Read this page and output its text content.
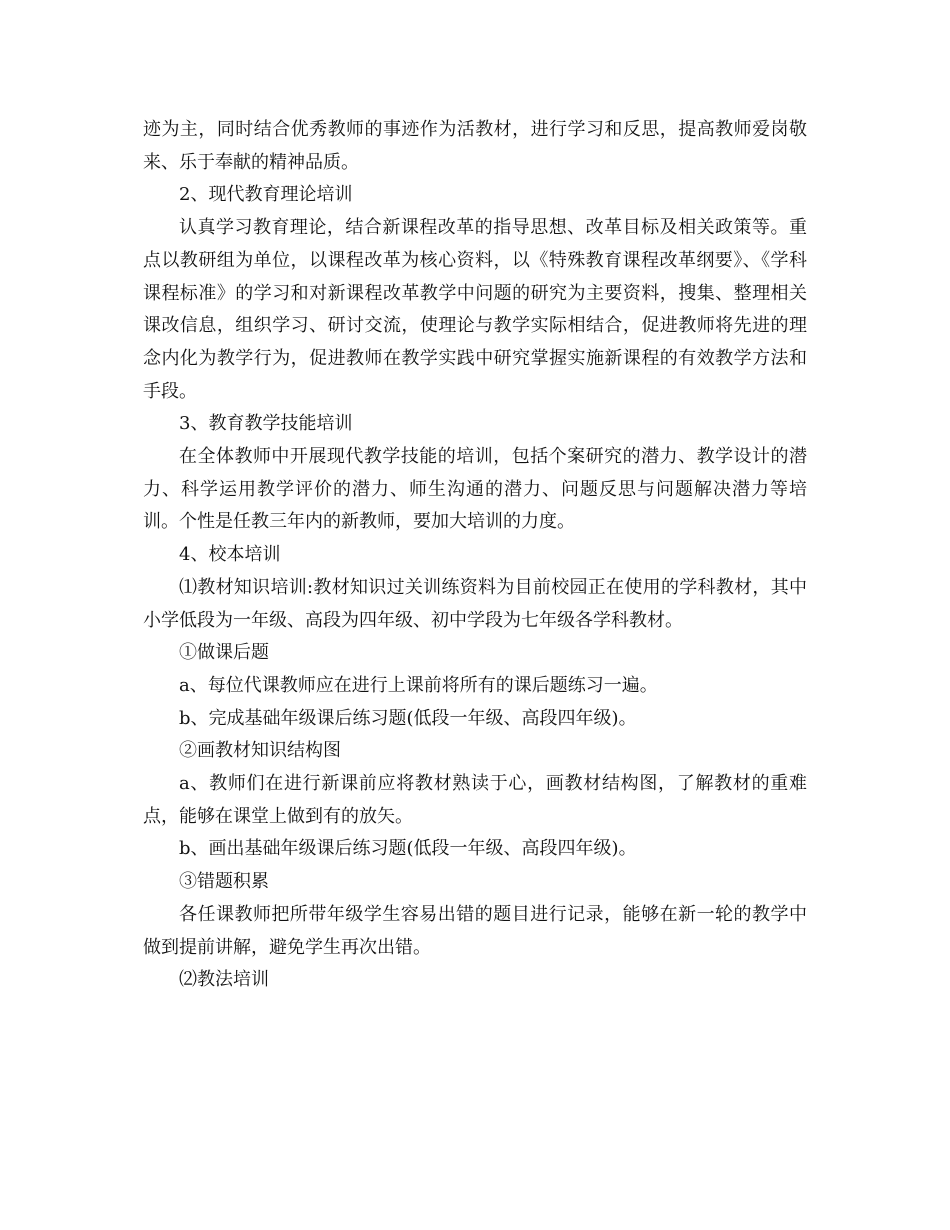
迹为主，同时结合优秀教师的事迹作为活教材，进行学习和反思，提高教师爱岗敬来、乐于奉献的精神品质。

2、现代教育理论培训

认真学习教育理论，结合新课程改革的指导思想、改革目标及相关政策等。重点以教研组为单位，以课程改革为核心资料，以《特殊教育课程改革纲要》、《学科课程标准》的学习和对新课程改革教学中问题的研究为主要资料，搜集、整理相关课改信息，组织学习、研讨交流，使理论与教学实际相结合，促进教师将先进的理念内化为教学行为，促进教师在教学实践中研究掌握实施新课程的有效教学方法和手段。

3、教育教学技能培训

在全体教师中开展现代教学技能的培训，包括个案研究的潜力、教学设计的潜力、科学运用教学评价的潜力、师生沟通的潜力、问题反思与问题解决潜力等培训。个性是任教三年内的新教师，要加大培训的力度。

4、校本培训

⑴教材知识培训:教材知识过关训练资料为目前校园正在使用的学科教材，其中小学低段为一年级、高段为四年级、初中学段为七年级各学科教材。

①做课后题

a、每位代课教师应在进行上课前将所有的课后题练习一遍。

b、完成基础年级课后练习题(低段一年级、高段四年级)。

②画教材知识结构图

a、教师们在进行新课前应将教材熟读于心，画教材结构图，了解教材的重难点，能够在课堂上做到有的放矢。

b、画出基础年级课后练习题(低段一年级、高段四年级)。

③错题积累

各任课教师把所带年级学生容易出错的题目进行记录，能够在新一轮的教学中做到提前讲解，避免学生再次出错。

⑵教法培训
